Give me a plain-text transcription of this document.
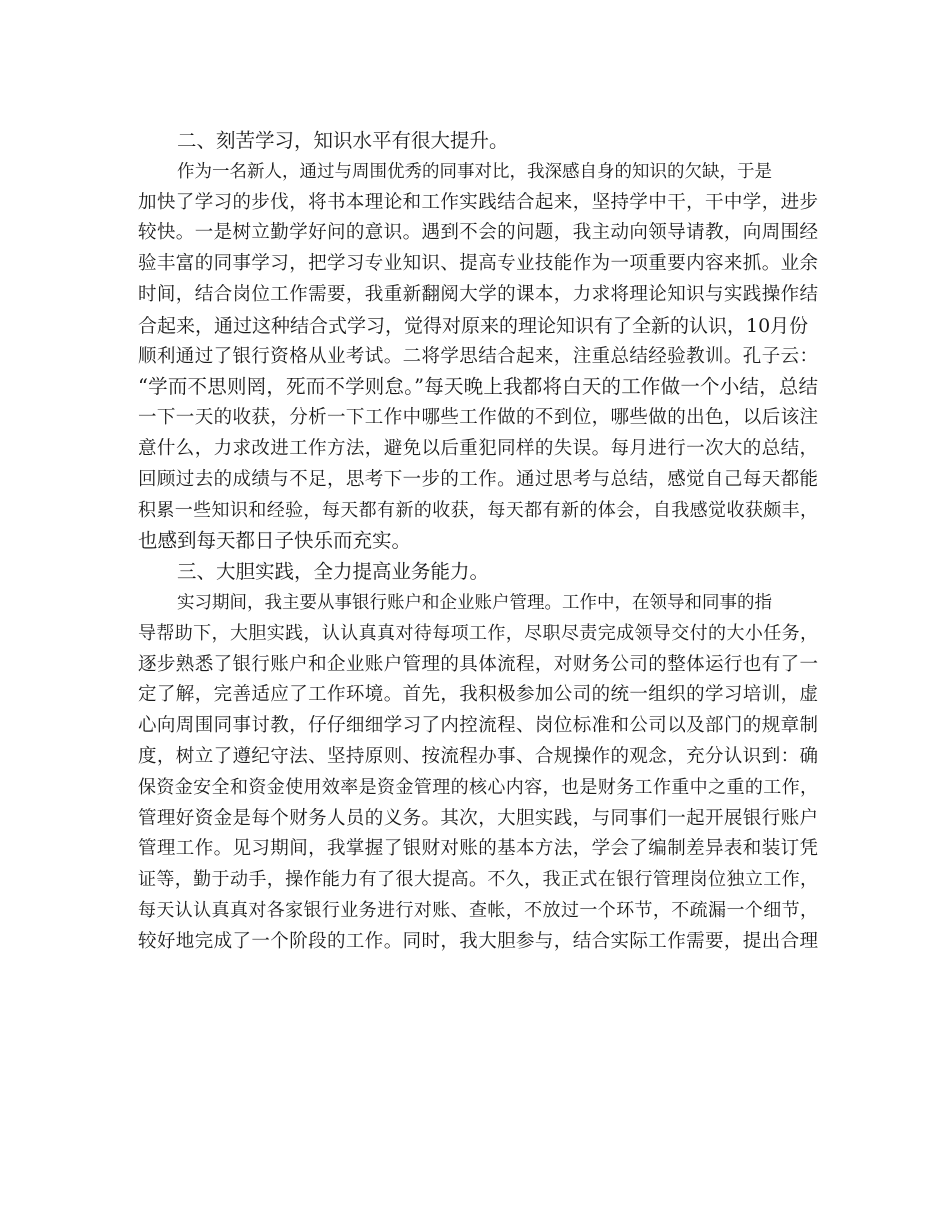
二、刻苦学习，知识水平有很大提升。
作为一名新人，通过与周围优秀的同事对比，我深感自身的知识的欠缺，于是
加快了学习的步伐，将书本理论和工作实践结合起来，坚持学中干，干中学，进步
较快。一是树立勤学好问的意识。遇到不会的问题，我主动向领导请教，向周围经
验丰富的同事学习，把学习专业知识、提高专业技能作为一项重要内容来抓。业余
时间，结合岗位工作需要，我重新翻阅大学的课本，力求将理论知识与实践操作结
合起来，通过这种结合式学习，觉得对原来的理论知识有了全新的认识，10月份
顺利通过了银行资格从业考试。二将学思结合起来，注重总结经验教训。孔子云：
“学而不思则罔，死而不学则怠。”每天晚上我都将白天的工作做一个小结，总结
一下一天的收获，分析一下工作中哪些工作做的不到位，哪些做的出色，以后该注
意什么，力求改进工作方法，避免以后重犯同样的失误。每月进行一次大的总结，
回顾过去的成绩与不足，思考下一步的工作。通过思考与总结，感觉自己每天都能
积累一些知识和经验，每天都有新的收获，每天都有新的体会，自我感觉收获颇丰，
也感到每天都日子快乐而充实。
三、大胆实践，全力提高业务能力。
实习期间，我主要从事银行账户和企业账户管理。工作中，在领导和同事的指
导帮助下，大胆实践，认认真真对待每项工作，尽职尽责完成领导交付的大小任务，
逐步熟悉了银行账户和企业账户管理的具体流程，对财务公司的整体运行也有了一
定了解，完善适应了工作环境。首先，我积极参加公司的统一组织的学习培训，虚
心向周围同事讨教，仔仔细细学习了内控流程、岗位标准和公司以及部门的规章制
度，树立了遵纪守法、坚持原则、按流程办事、合规操作的观念，充分认识到：确
保资金安全和资金使用效率是资金管理的核心内容，也是财务工作重中之重的工作，
管理好资金是每个财务人员的义务。其次，大胆实践，与同事们一起开展银行账户
管理工作。见习期间，我掌握了银财对账的基本方法，学会了编制差异表和装订凭
证等，勤于动手，操作能力有了很大提高。不久，我正式在银行管理岗位独立工作，
每天认认真真对各家银行业务进行对账、查帐，不放过一个环节，不疏漏一个细节，
较好地完成了一个阶段的工作。同时，我大胆参与，结合实际工作需要，提出合理
